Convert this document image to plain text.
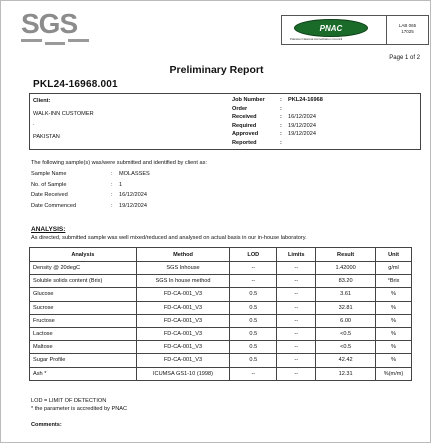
SGS	PNAC
Pakistan National Accreditation Council
LAB 065
17025
Page 1 of 2
Preliminary Report
PKL24-16968.001
Client:
WALK-INN CUSTOMER
.
PAKISTAN
Job Number	:	PKL24-16968
Order	:
Received	:	16/12/2024
Required	:	19/12/2024
Approved	:	19/12/2024
Reported	:
The following sample(s) was/were submitted and identified by client as:
Sample Name	:	MOLASSES
No. of Sample	:	1
Date Received	:	16/12/2024
Date Commenced	:	19/12/2024
ANALYSIS:
As directed, submitted sample was well mixed/reduced and analysed on actual basis in our in-house laboratory.
Analysis	Method	LOD	Limits	Result	Unit
Density @ 20degC	SGS Inhouse	--	--	1.42000	g/ml
Soluble solids content (Brix)	SGS In house method	--	--	83.20	°Brix
Glucose	FD-CA-001_V3	0.5	--	3.61	%
Sucrose	FD-CA-001_V3	0.5	--	32.81	%
Fructose	FD-CA-001_V3	0.5	--	6.00	%
Lactose	FD-CA-001_V3	0.5	--	<0.5	%
Maltose	FD-CA-001_V3	0.5	--	<0.5	%
Sugar Profile	FD-CA-001_V3	0.5	--	42.42	%
Ash *	ICUMSA GS1-10 (1998)	--	--	12.31	%(m/m)
LOD = LIMIT OF DETECTION
* the parameter is accredited by PNAC
Comments:
